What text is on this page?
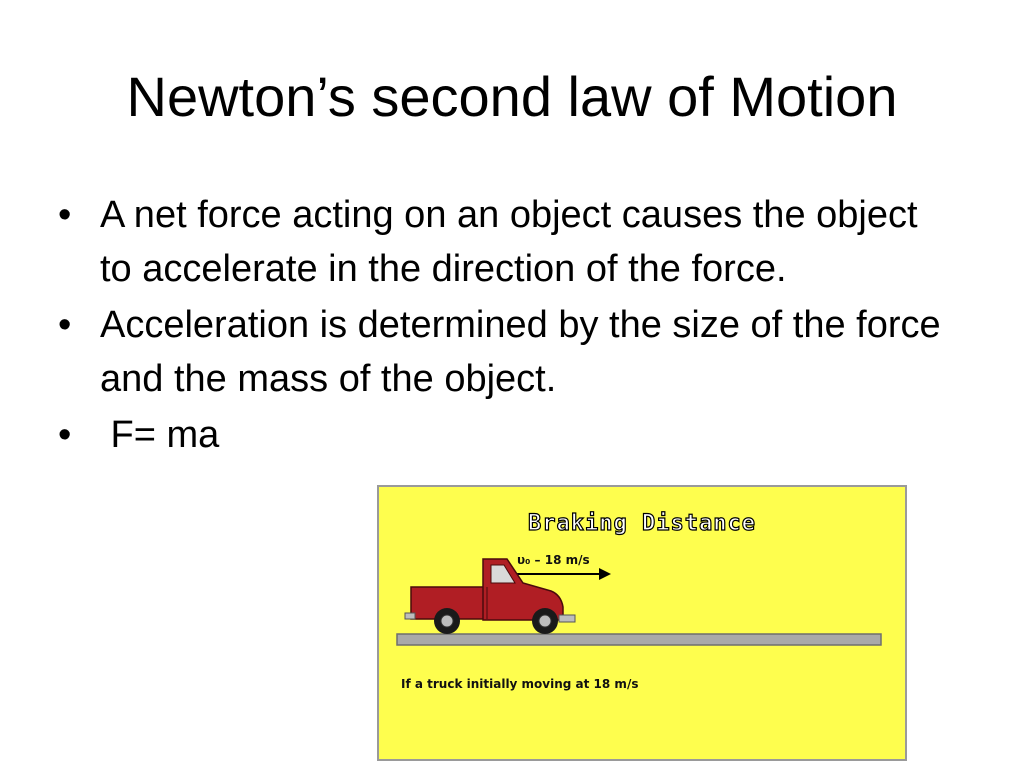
Newton’s second law of Motion
• A net force acting on an object causes the object to accelerate in the direction of the force.
• Acceleration is determined by the size of the force and the mass of the object.
• F= ma
Braking Distance
υ₀ – 18 m/s
If a truck initially moving at 18 m/s
